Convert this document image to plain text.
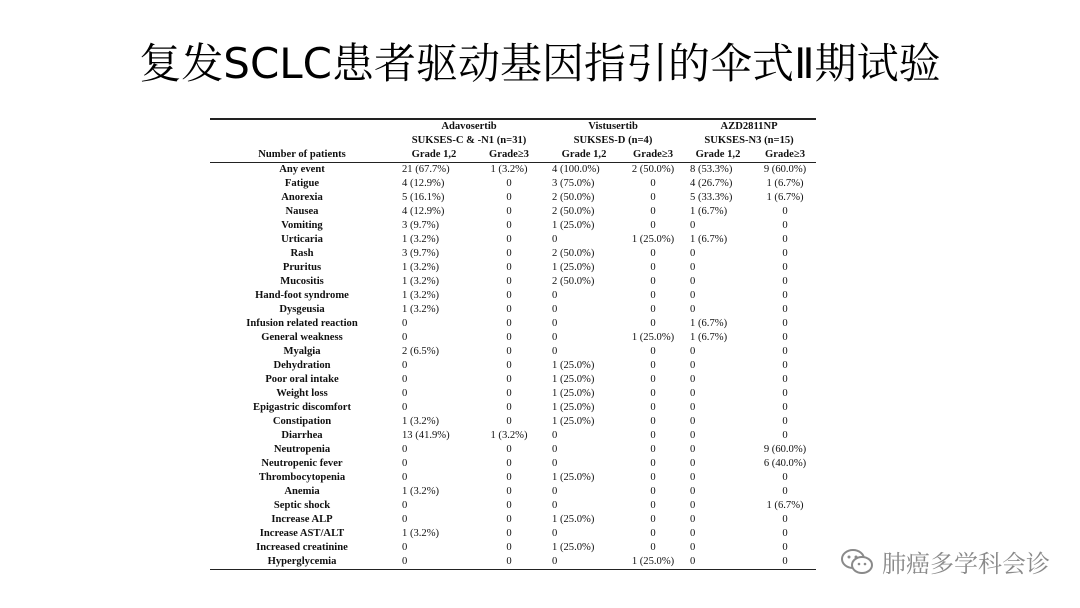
复发SCLC患者驱动基因指引的伞式Ⅱ期试验
	Adavosertib		Vistusertib		AZD2811NP	
	SUKSES-C & -N1 (n=31)		SUKSES-D (n=4)		SUKSES-N3 (n=15)	
Number of patients	Grade 1,2	Grade≥3	Grade 1,2	Grade≥3	Grade 1,2	Grade≥3

Any event	21 (67.7%)	1 (3.2%)	4 (100.0%)	2 (50.0%)	8 (53.3%)	9 (60.0%)
Fatigue	4 (12.9%)	0	3 (75.0%)	0	4 (26.7%)	1 (6.7%)
Anorexia	5 (16.1%)	0	2 (50.0%)	0	5 (33.3%)	1 (6.7%)
Nausea	4 (12.9%)	0	2 (50.0%)	0	1 (6.7%)	0
Vomiting	3 (9.7%)	0	1 (25.0%)	0	0	0
Urticaria	1 (3.2%)	0	0	1 (25.0%)	1 (6.7%)	0
Rash	3 (9.7%)	0	2 (50.0%)	0	0	0
Pruritus	1 (3.2%)	0	1 (25.0%)	0	0	0
Mucositis	1 (3.2%)	0	2 (50.0%)	0	0	0
Hand-foot syndrome	1 (3.2%)	0	0	0	0	0
Dysgeusia	1 (3.2%)	0	0	0	0	0
Infusion related reaction	0	0	0	0	1 (6.7%)	0
General weakness	0	0	0	1 (25.0%)	1 (6.7%)	0
Myalgia	2 (6.5%)	0	0	0	0	0
Dehydration	0	0	1 (25.0%)	0	0	0
Poor oral intake	0	0	1 (25.0%)	0	0	0
Weight loss	0	0	1 (25.0%)	0	0	0
Epigastric discomfort	0	0	1 (25.0%)	0	0	0
Constipation	1 (3.2%)	0	1 (25.0%)	0	0	0
Diarrhea	13 (41.9%)	1 (3.2%)	0	0	0	0
Neutropenia	0	0	0	0	0	9 (60.0%)
Neutropenic fever	0	0	0	0	0	6 (40.0%)
Thrombocytopenia	0	0	1 (25.0%)	0	0	0
Anemia	1 (3.2%)	0	0	0	0	0
Septic shock	0	0	0	0	0	1 (6.7%)
Increase ALP	0	0	1 (25.0%)	0	0	0
Increase AST/ALT	1 (3.2%)	0	0	0	0	0
Increased creatinine	0	0	1 (25.0%)	0	0	0
Hyperglycemia	0	0	0	1 (25.0%)	0	0	肺癌多学科会诊
